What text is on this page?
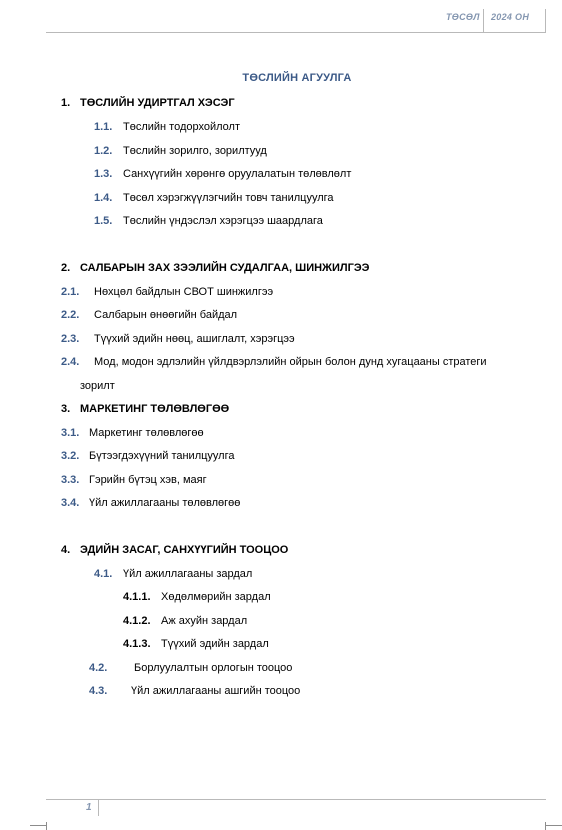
ТӨСӨЛ 2024 ОН
ТӨСЛИЙН АГУУЛГА
1. ТӨСЛИЙН УДИРТГАЛ ХЭСЭГ
1.1. Төслийн тодорхойлолт
1.2. Төслийн зорилго, зорилтууд
1.3. Санхүүгийн хөрөнгө оруулалатын төлөвлөлт
1.4. Төсөл хэрэгжүүлэгчийн товч танилцуулга
1.5. Төслийн үндэслэл хэрэгцээ шаардлага
2. САЛБАРЫН ЗАХ ЗЭЭЛИЙН СУДАЛГАА, ШИНЖИЛГЭЭ
2.1. Нөхцөл байдлын СВОТ шинжилгээ
2.2. Салбарын өнөөгийн байдал
2.3. Түүхий эдийн нөөц, ашиглалт, хэрэгцээ
2.4. Мод, модон эдлэлийн үйлдвэрлэлийн ойрын болон дунд хугацааны стратеги
зорилт
3. МАРКЕТИНГ ТӨЛӨВЛӨГӨӨ
3.1. Маркетинг төлөвлөгөө
3.2. Бүтээгдэхүүний танилцуулга
3.3. Гэрийн бүтэц хэв, маяг
3.4. Үйл ажиллагааны төлөвлөгөө
4. ЭДИЙН ЗАСАГ, САНХҮҮГИЙН ТООЦОО
4.1. Үйл ажиллагааны зардал
4.1.1. Хөдөлмөрийн зардал
4.1.2. Аж ахуйн зардал
4.1.3. Түүхий эдийн зардал
4.2. Борлуулалтын орлогын тооцоо
4.3. Үйл ажиллагааны ашгийн тооцоо
1
